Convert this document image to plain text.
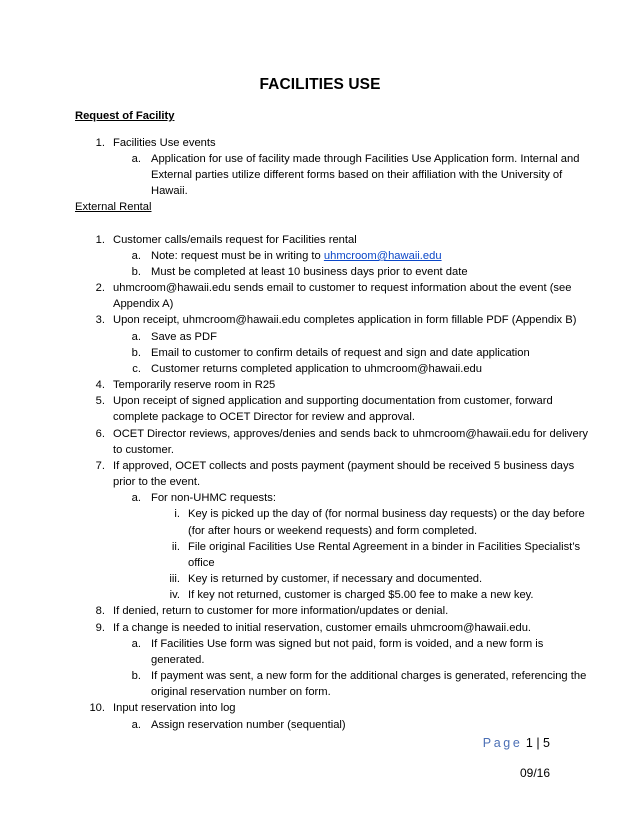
FACILITIES USE
Request of Facility
1. Facilities Use events
a. Application for use of facility made through Facilities Use Application form. Internal and
External parties utilize different forms based on their affiliation with the University of
Hawaii.
External Rental
1. Customer calls/emails request for Facilities rental
a. Note: request must be in writing to uhmcroom@hawaii.edu
b. Must be completed at least 10 business days prior to event date
2. uhmcroom@hawaii.edu sends email to customer to request information about the event (see
Appendix A)
3. Upon receipt, uhmcroom@hawaii.edu completes application in form fillable PDF (Appendix B)
a. Save as PDF
b. Email to customer to confirm details of request and sign and date application
c. Customer returns completed application to uhmcroom@hawaii.edu
4. Temporarily reserve room in R25
5. Upon receipt of signed application and supporting documentation from customer, forward
complete package to OCET Director for review and approval.
6. OCET Director reviews, approves/denies and sends back to uhmcroom@hawaii.edu for delivery
to customer.
7. If approved, OCET collects and posts payment (payment should be received 5 business days
prior to the event.
a. For non-UHMC requests:
i. Key is picked up the day of (for normal business day requests) or the day before
(for after hours or weekend requests) and form completed.
ii. File original Facilities Use Rental Agreement in a binder in Facilities Specialist’s
office
iii. Key is returned by customer, if necessary and documented.
iv. If key not returned, customer is charged $5.00 fee to make a new key.
8. If denied, return to customer for more information/updates or denial.
9. If a change is needed to initial reservation, customer emails uhmcroom@hawaii.edu.
a. If Facilities Use form was signed but not paid, form is voided, and a new form is
generated.
b. If payment was sent, a new form for the additional charges is generated, referencing the
original reservation number on form.
10. Input reservation into log
a. Assign reservation number (sequential)
Page 1 | 5
09/16
